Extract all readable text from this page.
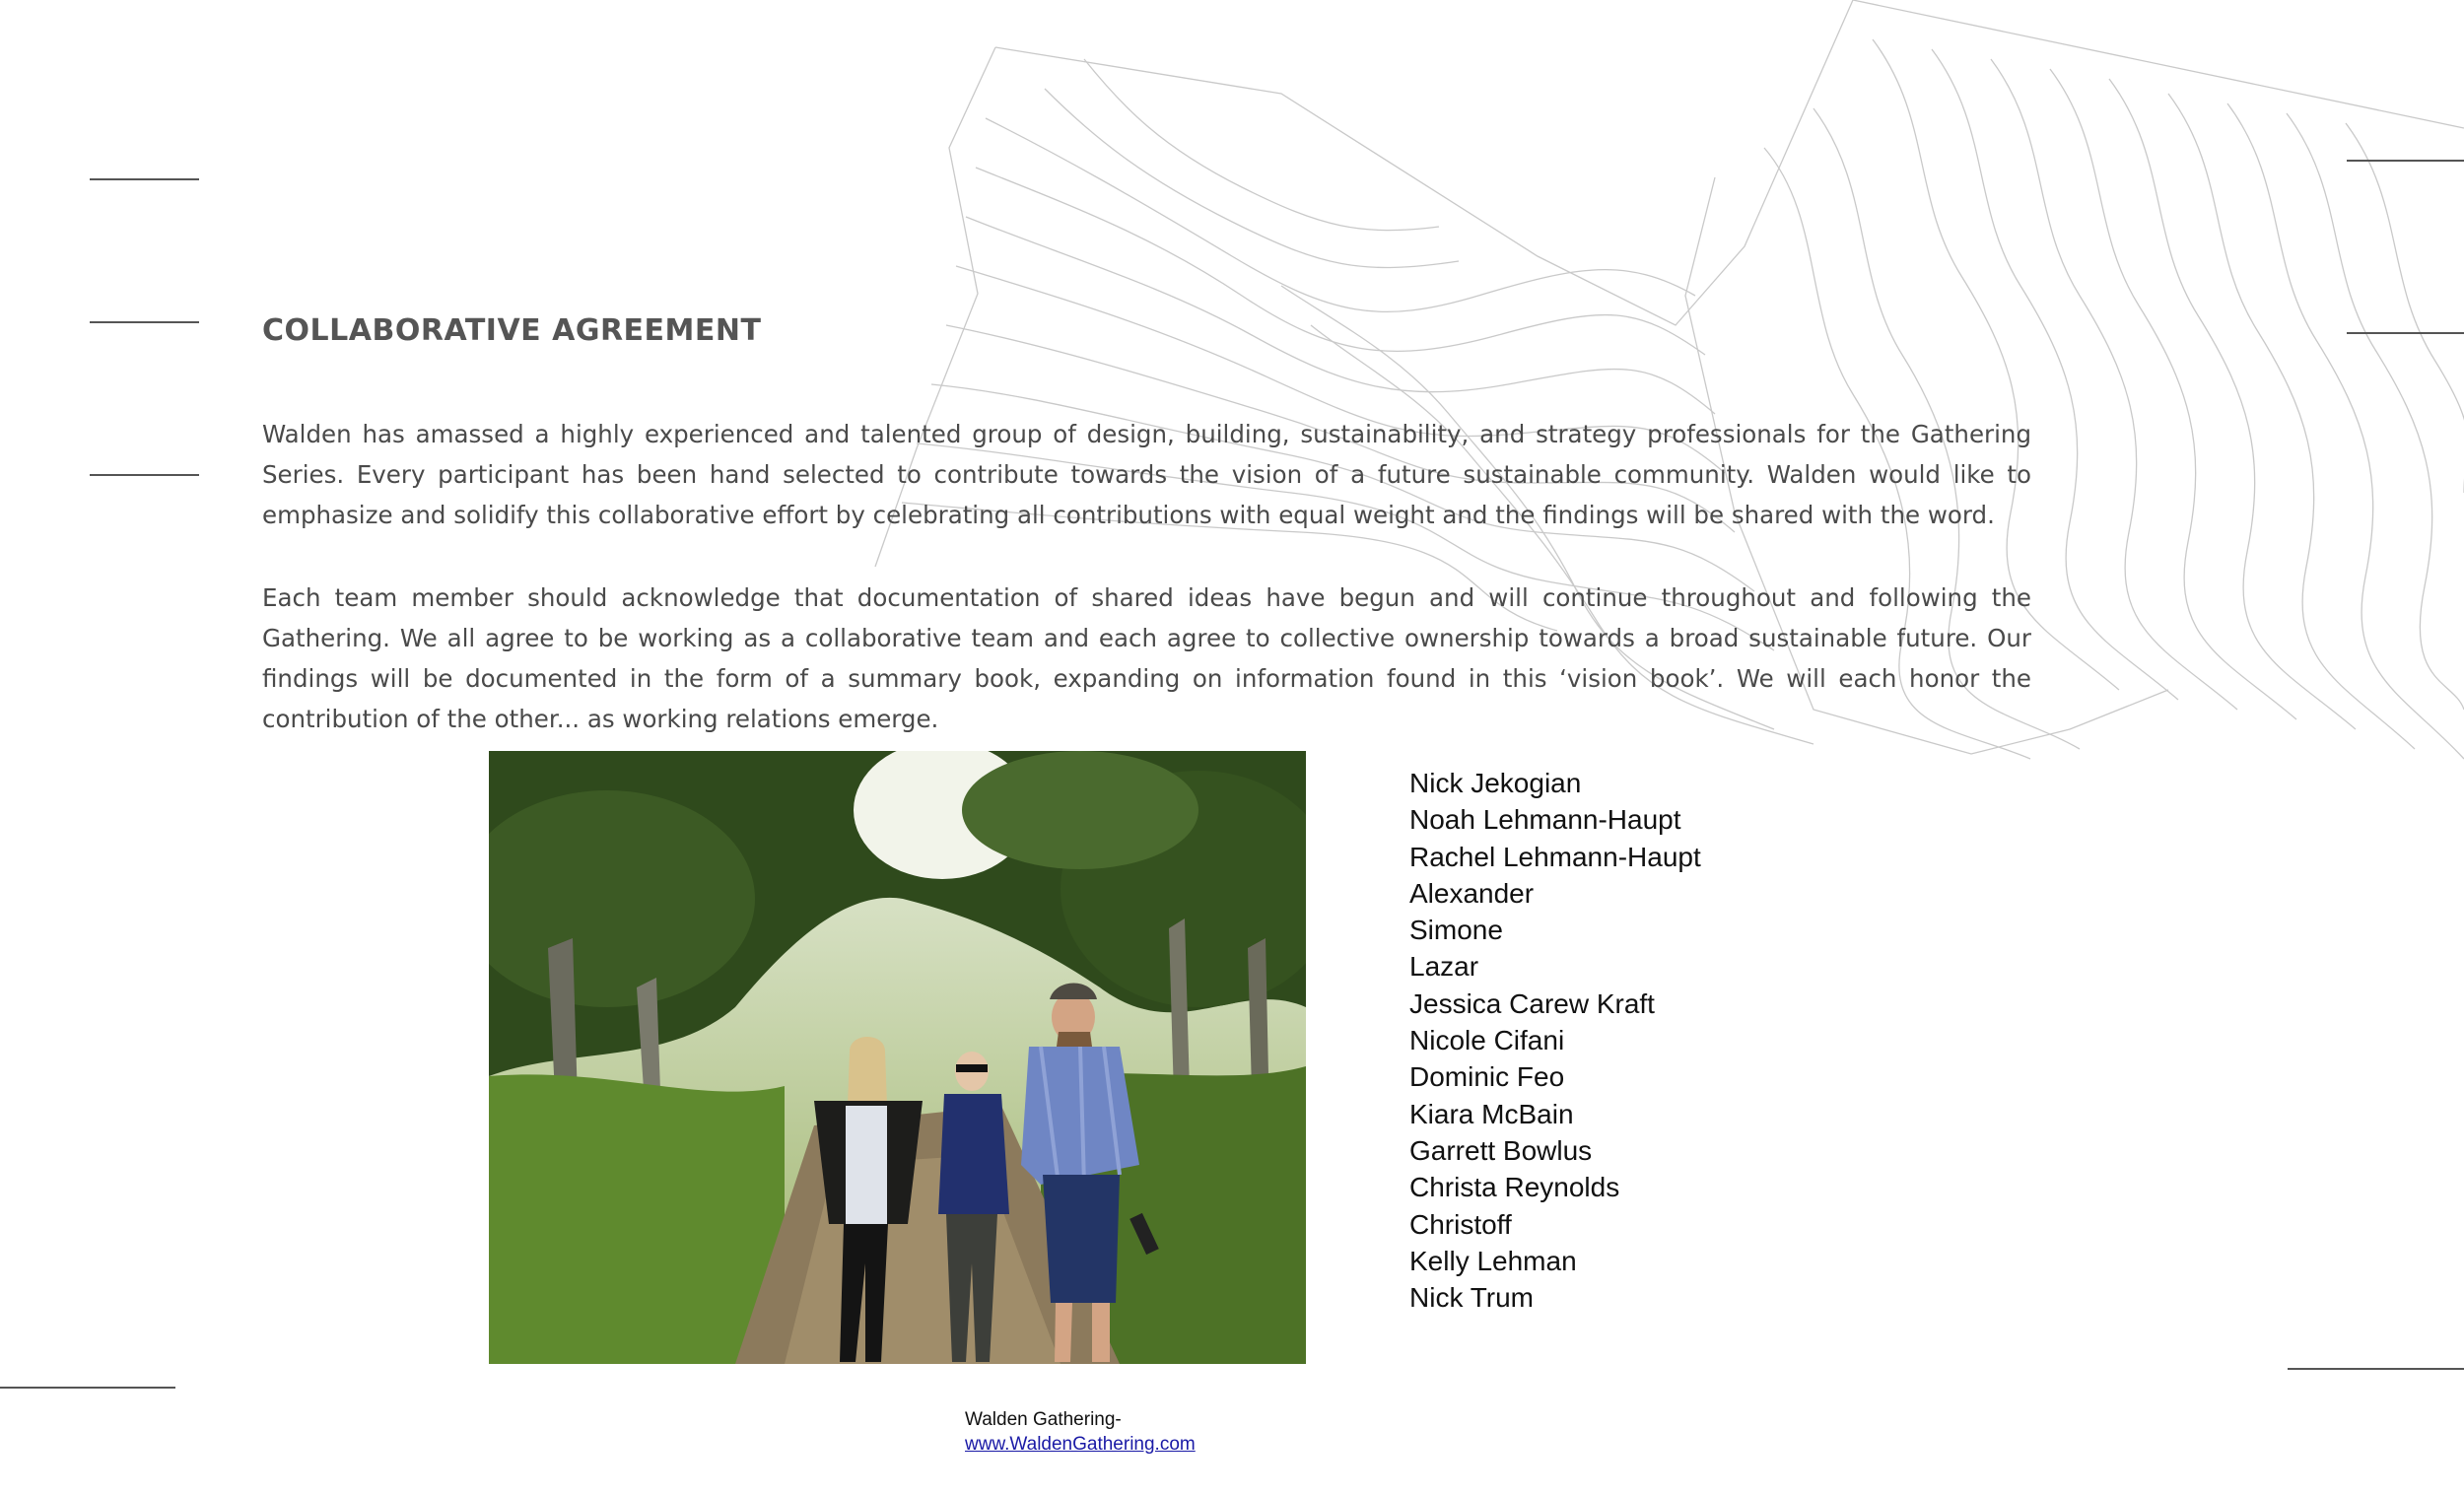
COLLABORATIVE AGREEMENT

Walden has amassed a highly experienced and talented group of design, building, sustainability, and strategy professionals for the Gathering Series. Every participant has been hand selected to contribute towards the vision of a future sustainable community. Walden would like to emphasize and solidify this collaborative effort by celebrating all contributions with equal weight and the findings will be shared with the word.

Each team member should acknowledge that documentation of shared ideas have begun and will continue throughout and following the Gathering. We all agree to be working as a collaborative team and each agree to collective ownership towards a broad sustainable future. Our findings will be documented in the form of a summary book, expanding on information found in this ‘vision book’. We will each honor the contribution of the other... as working relations emerge.

Nick Jekogian
Noah Lehmann-Haupt
Rachel Lehmann-Haupt
Alexander
Simone
Lazar
Jessica Carew Kraft
Nicole Cifani
Dominic Feo
Kiara McBain
Garrett Bowlus
Christa Reynolds
Christoff
Kelly Lehman
Nick Trum
Walden Gathering-
www.WaldenGathering.com
